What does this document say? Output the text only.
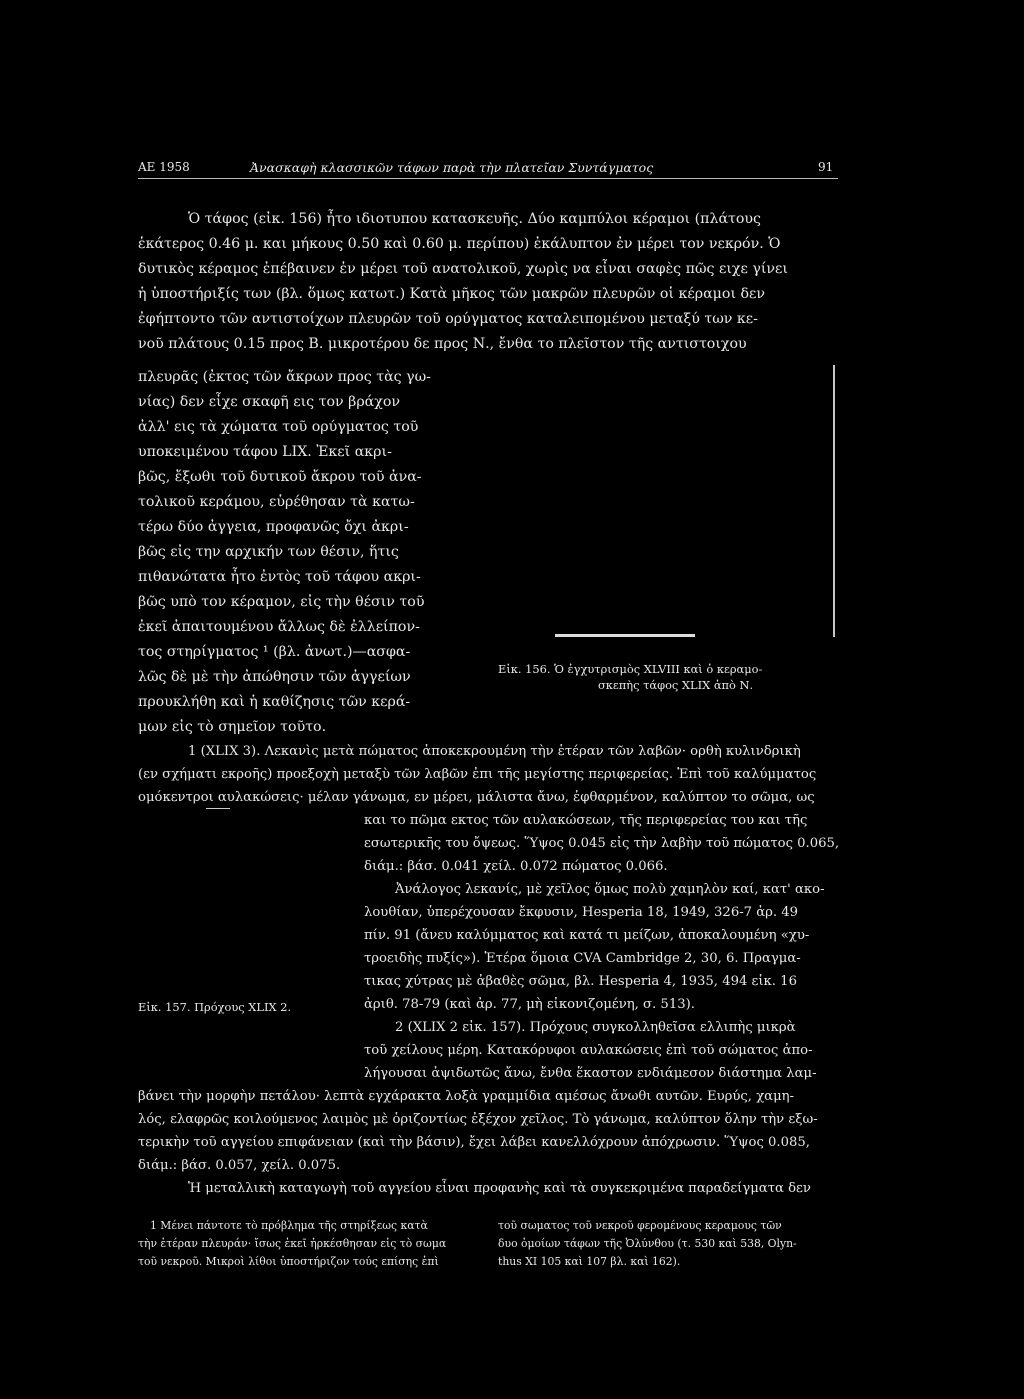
ΑΕ 1958	Ἀνασκαφὴ κλασσικῶν τάφων παρὰ τὴν πλατεῖαν Συντάγματος	91
Ὁ τάφος (εἰκ. 156) ἦτο ιδιοτυπου κατασκευῆς. Δύο καμπύλοι κέραμοι (πλάτους
ἑκάτερος 0.46 μ. και μήκους 0.50 καὶ 0.60 μ. περίπου) ἐκάλυπτον ἐν μέρει τον νεκρόν. Ὁ
δυτικὸς κέραμος ἐπέβαινεν ἐν μέρει τοῦ ανατολικοῦ, χωρὶς να εἶναι σαφὲς πῶς ειχε γίνει
ἡ ὑποστήριξίς των (βλ. ὅμως κατωτ.) Κατὰ μῆκος τῶν μακρῶν πλευρῶν οἱ κέραμοι δεν
ἐφήπτοντο τῶν αντιστοίχων πλευρῶν τοῦ ορύγματος καταλειπομένου μεταξύ των κε-
νοῦ πλάτους 0.15 προς Β. μικροτέρου δε προς Ν., ἔνθα το πλεῖστον τῆς αντιστοιχου
πλευρᾶς (ἐκτος τῶν ἄκρων προς τὰς γω-
νίας) δεν εἶχε σκαφῆ εις τον βράχον
ἀλλ' εις τὰ χώματα τοῦ ορύγματος τοῦ
υποκειμένου τάφου LIX. Ἐκεῖ ακρι-
βῶς, ἔξωθι τοῦ δυτικοῦ ἄκρου τοῦ ἀνα-
τολικοῦ κεράμου, εὑρέθησαν τὰ κατω-
τέρω δύο ἀγγεια, προφανῶς ὄχι ἀκρι-
βῶς εἰς την αρχικήν των θέσιν, ἥτις
πιθανώτατα ἦτο ἐντὸς τοῦ τάφου ακρι-
βῶς υπὸ τον κέραμον, εἰς τὴν θέσιν τοῦ
ἐκεῖ ἀπαιτουμένου ἄλλως δὲ ἐλλείπον-
τος στηρίγματος ¹ (βλ. ἀνωτ.)—ασφα-
λῶς δὲ μὲ τὴν ἀπώθησιν τῶν ἀγγείων
προυκλήθη καὶ ἡ καθίζησις τῶν κερά-
μων εἰς τὸ σημεῖον τοῦτο.
Εἰκ. 156. Ὁ ἐγχυτρισμὸς XLVIII καὶ ὁ κεραμο-
σκεπὴς τάφος XLIX ἀπὸ Ν.
1 (XLIX 3). Λεκανὶς μετὰ πώματος ἀποκεκρουμένη τὴν ἑτέραν τῶν λαβῶν· ορθὴ κυλινδρικὴ
(εν σχήματι εκροῆς) προεξοχὴ μεταξὺ τῶν λαβῶν ἐπι τῆς μεγίστης περιφερείας. Ἐπὶ τοῦ καλύμματος
ομόκεντροι αυλακώσεις· μέλαν γάνωμα, εν μέρει, μάλιστα ἄνω, ἐφθαρμένον, καλύπτον το σῶμα, ως
Εἰκ. 157. Πρόχους XLIX 2.
και το πῶμα εκτος τῶν αυλακώσεων, τῆς περιφερείας του και τῆς
εσωτερικῆς του ὄψεως. Ὕψος 0.045 εἰς τὴν λαβὴν τοῦ πώματος 0.065,
διάμ.: βάσ. 0.041 χείλ. 0.072 πώματος 0.066.
Ἀνάλογος λεκανίς, μὲ χεῖλος ὅμως πολὺ χαμηλὸν καί, κατ' ακο-
λουθίαν, ὑπερέχουσαν ἔκφυσιν, Hesperia 18, 1949, 326-7 ἀρ. 49
πίν. 91 (ἄνευ καλύμματος καὶ κατά τι μείζων, ἀποκαλουμένη «χυ-
τροειδὴς πυξίς»). Ἑτέρα ὅμοια CVA Cambridge 2, 30, 6. Πραγμα-
τικας χύτρας μὲ ἀβαθὲς σῶμα, βλ. Hesperia 4, 1935, 494 εἰκ. 16
ἀριθ. 78-79 (καὶ ἀρ. 77, μὴ εἰκονιζομένη, σ. 513).
2 (XLIX 2 εἰκ. 157). Πρόχους συγκολληθεῖσα ελλιπὴς μικρὰ
τοῦ χείλους μέρη. Κατακόρυφοι αυλακώσεις ἐπὶ τοῦ σώματος ἀπο-
λήγουσαι ἀψιδωτῶς ἄνω, ἔνθα ἕκαστον ενδιάμεσον διάστημα λαμ-
βάνει τὴν μορφὴν πετάλου· λεπτὰ εγχάρακτα λοξὰ γραμμίδια αμέσως ἄνωθι αυτῶν. Ευρύς, χαμη-
λός, ελαφρῶς κοιλούμενος λαιμὸς μὲ ὁριζοντίως ἐξέχον χεῖλος. Τὸ γάνωμα, καλύπτον ὅλην τὴν εξω-
τερικὴν τοῦ αγγείου επιφάνειαν (καὶ τὴν βάσιν), ἔχει λάβει κανελλόχρουν ἀπόχρωσιν. Ὕψος 0.085,
διάμ.: βάσ. 0.057, χείλ. 0.075.
Ἡ μεταλλικὴ καταγωγὴ τοῦ αγγείου εἶναι προφανὴς καὶ τὰ συγκεκριμένα παραδείγματα δεν
1 Μένει πάντοτε τὸ πρόβλημα τῆς στηρίξεως κατὰ
τὴν ἑτέραν πλευράν· ἴσως ἐκεῖ ἠρκέσθησαν εἰς τὸ σωμα
τοῦ νεκροῦ. Μικροὶ λίθοι ὑποστήριζον τούς επίσης ἐπὶ
τοῦ σωματος τοῦ νεκροῦ φερομένους κεραμους τῶν
δυο ὁμοίων τάφων τῆς Ὀλύνθου (τ. 530 καὶ 538, Olyn-
thus XI 105 καὶ 107 βλ. καὶ 162).
